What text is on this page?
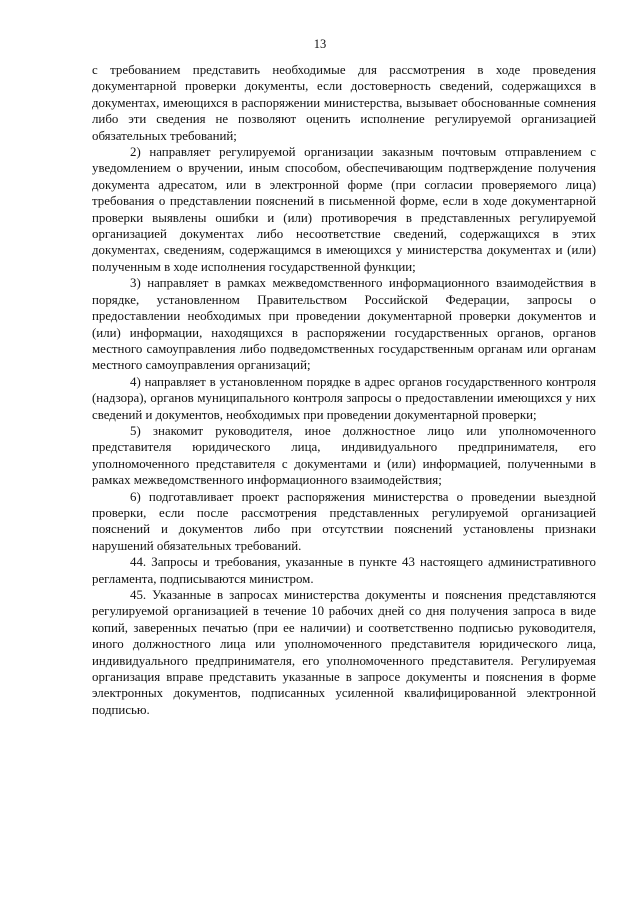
13

с требованием представить необходимые для рассмотрения в ходе проведения документарной проверки документы, если достоверность сведений, содержащихся в документах, имеющихся в распоряжении министерства, вызывает обоснованные сомнения либо эти сведения не позволяют оценить исполнение регулируемой организацией обязательных требований;

2) направляет регулируемой организации заказным почтовым отправлением с уведомлением о вручении, иным способом, обеспечивающим подтверждение получения документа адресатом, или в электронной форме (при согласии проверяемого лица) требования о представлении пояснений в письменной форме, если в ходе документарной проверки выявлены ошибки и (или) противоречия в представленных регулируемой организацией документах либо несоответствие сведений, содержащихся в этих документах, сведениям, содержащимся в имеющихся у министерства документах и (или) полученным в ходе исполнения государственной функции;

3) направляет в рамках межведомственного информационного взаимодействия в порядке, установленном Правительством Российской Федерации, запросы о предоставлении необходимых при проведении документарной проверки документов и (или) информации, находящихся в распоряжении государственных органов, органов местного самоуправления либо подведомственных государственным органам или органам местного самоуправления организаций;

4) направляет в установленном порядке в адрес органов государственного контроля (надзора), органов муниципального контроля запросы о предоставлении имеющихся у них сведений и документов, необходимых при проведении документарной проверки;

5) знакомит руководителя, иное должностное лицо или уполномоченного представителя юридического лица, индивидуального предпринимателя, его уполномоченного представителя с документами и (или) информацией, полученными в рамках межведомственного информационного взаимодействия;

6) подготавливает проект распоряжения министерства о проведении выездной проверки, если после рассмотрения представленных регулируемой организацией пояснений и документов либо при отсутствии пояснений установлены признаки нарушений обязательных требований.

44. Запросы и требования, указанные в пункте 43 настоящего административного регламента, подписываются министром.

45. Указанные в запросах министерства документы и пояснения представляются регулируемой организацией в течение 10 рабочих дней со дня получения запроса в виде копий, заверенных печатью (при ее наличии) и соответственно подписью руководителя, иного должностного лица или уполномоченного представителя юридического лица, индивидуального предпринимателя, его уполномоченного представителя. Регулируемая организация вправе представить указанные в запросе документы и пояснения в форме электронных документов, подписанных усиленной квалифицированной электронной подписью.
